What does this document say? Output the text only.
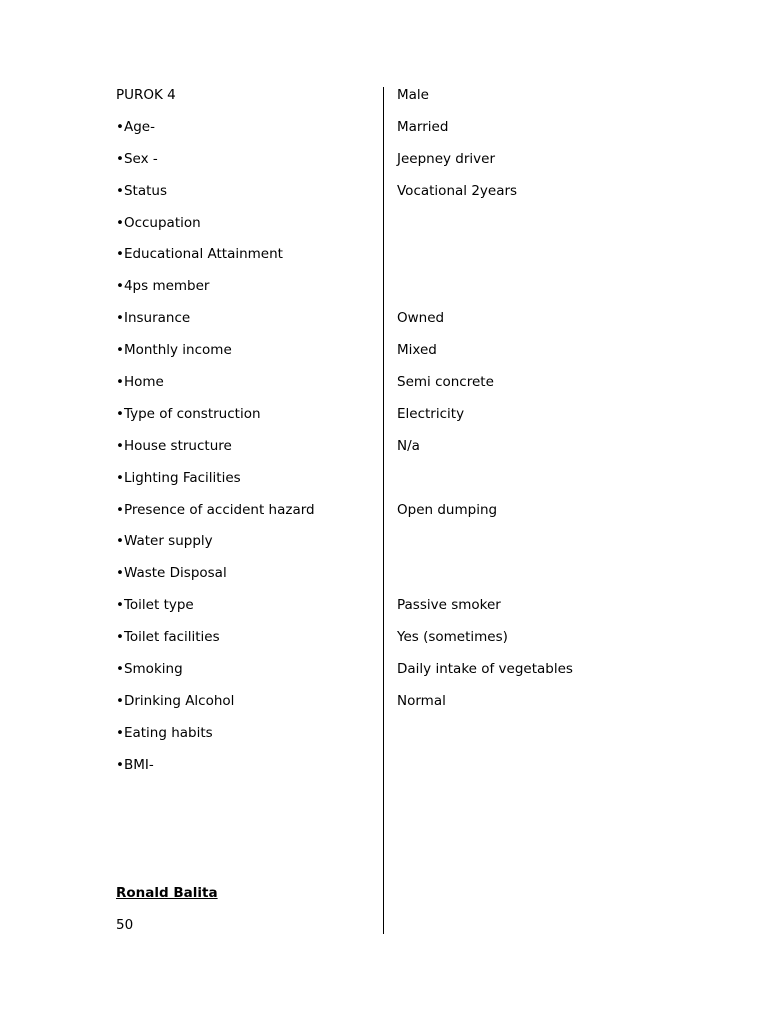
PUROK 4
•Age-
•Sex -
•Status
•Occupation
•Educational Attainment
•4ps member
•Insurance
•Monthly income
•Home
•Type of construction
•House structure
•Lighting Facilities
•Presence of accident hazard
•Water supply
•Waste Disposal
•Toilet type
•Toilet facilities
•Smoking
•Drinking Alcohol
•Eating habits
•BMI-
Male
Married
Jeepney driver
Vocational 2years
Owned
Mixed
Semi concrete
Electricity
N/a
Open dumping
Passive smoker
Yes (sometimes)
Daily intake of vegetables
Normal
Ronald Balita
50
